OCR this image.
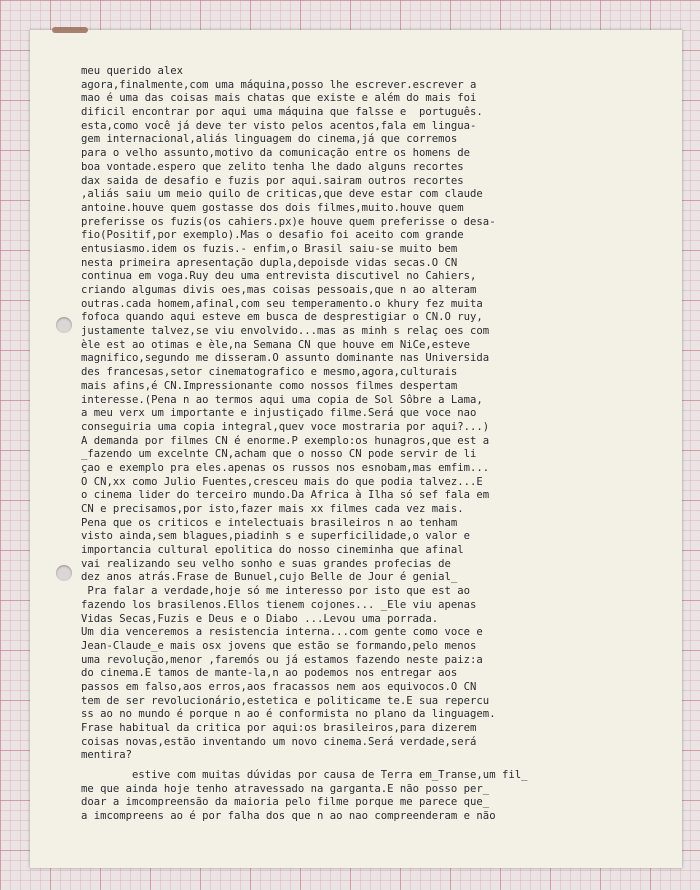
meu querido alex
agora,finalmente,com uma máquina,posso lhe escrever.escrever a
mao é uma das coisas mais chatas que existe e além do mais foi
dificil encontrar por aqui uma máquina que falsse e  português.
esta,como você já deve ter visto pelos acentos,fala em lingua-
gem internacional,aliás linguagem do cinema,já que corremos
para o velho assunto,motivo da comunicação entre os homens de
boa vontade.espero que zelito tenha lhe dado alguns recortes
dax saida de desafio e fuzis por aqui.sairam outros recortes
,aliás saiu um meio quilo de criticas,que deve estar com claude
antoine.houve quem gostasse dos dois filmes,muito.houve quem
preferisse os fuzis(os cahiers.px)e houve quem preferisse o desa-
fio(Positif,por exemplo).Mas o desafio foi aceito com grande
entusiasmo.idem os fuzis.- enfim,o Brasil saiu-se muito bem
nesta primeira apresentação dupla,depoisde vidas secas.O CN
continua em voga.Ruy deu uma entrevista discutivel no Cahiers,
criando algumas divis oes,mas coisas pessoais,que n ao alteram
outras.cada homem,afinal,com seu temperamento.o khury fez muita
fofoca quando aqui esteve em busca de desprestigiar o CN.O ruy,
justamente talvez,se viu envolvido...mas as minh s relaç oes com
èle est ao otimas e èle,na Semana CN que houve em NiCe,esteve
magnifico,segundo me disseram.O assunto dominante nas Universida
des francesas,setor cinematografico e mesmo,agora,culturais
mais afins,é CN.Impressionante como nossos filmes despertam
interesse.(Pena n ao termos aqui uma copia de Sol Sôbre a Lama,
a meu verx um importante e injustiçado filme.Será que voce nao
conseguiria uma copia integral,quev voce mostraria por aqui?...)
A demanda por filmes CN é enorme.P exemplo:os hunagros,que est a
_fazendo um excelnte CN,acham que o nosso CN pode servir de li
çao e exemplo pra eles.apenas os russos nos esnobam,mas emfim...
O CN,xx como Julio Fuentes,cresceu mais do que podia talvez...E
o cinema lider do terceiro mundo.Da Africa à Ilha só sef fala em
CN e precisamos,por isto,fazer mais xx filmes cada vez mais.
Pena que os criticos e intelectuais brasileiros n ao tenham
visto ainda,sem blagues,piadinh s e superficilidade,o valor e
importancia cultural epolitica do nosso cineminha que afinal
vai realizando seu velho sonho e suas grandes profecias de
dez anos atrás.Frase de Bunuel,cujo Belle de Jour é genial_
Pra falar a verdade,hoje só me interesso por isto que est ao
fazendo los brasilenos.Ellos tienem cojones... _Ele viu apenas
Vidas Secas,Fuzis e Deus e o Diabo ...Levou uma porrada.
Um dia venceremos a resistencia interna...com gente como voce e
Jean-Claude_e mais osx jovens que estão se formando,pelo menos
uma revolução,menor ,faremós ou já estamos fazendo neste paiz:a
do cinema.E tamos de mante-la,n ao podemos nos entregar aos
passos em falso,aos erros,aos fracassos nem aos equivocos.O CN
tem de ser revolucionário,estetica e politicame te.E sua repercu
ss ao no mundo é porque n ao é conformista no plano da linguagem.
Frase habitual da critica por aqui:os brasileiros,para dizerem
coisas novas,estão inventando um novo cinema.Será verdade,será
mentira?
estive com muitas dúvidas por causa de Terra em_Transe,um fil_
me que ainda hoje tenho atravessado na garganta.E não posso per_
doar a imcompreensão da maioria pelo filme porque me parece que_
a imcompreens ao é por falha dos que n ao nao compreenderam e não
